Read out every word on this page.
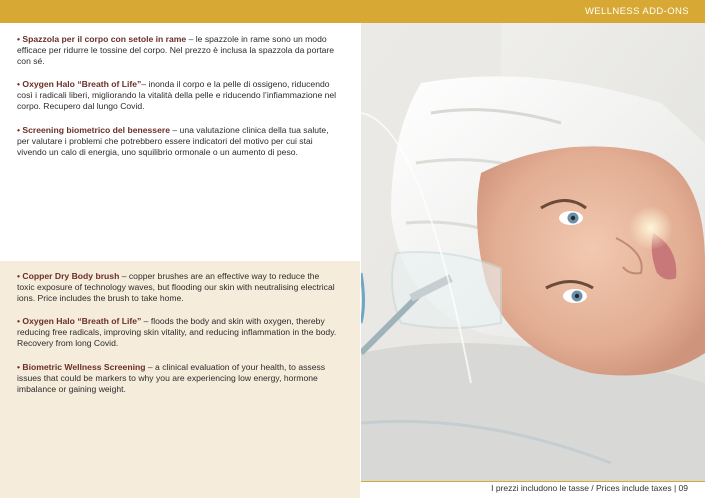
WELLNESS ADD-ONS

• Spazzola per il corpo con setole in rame – le spazzole in rame sono un modo efficace per ridurre le tossine del corpo. Nel prezzo è inclusa la spazzola da portare con sé.

• Oxygen Halo “Breath of Life”– inonda il corpo e la pelle di ossigeno, riducendo così i radicali liberi, migliorando la vitalità della pelle e riducendo l’infiammazione nel corpo. Recupero dal lungo Covid.

• Screening biometrico del benessere – una valutazione clinica della tua salute, per valutare i problemi che potrebbero essere indicatori del motivo per cui stai vivendo un calo di energia, uno squilibrio ormonale o un aumento di peso.

• Copper Dry Body brush – copper brushes are an effective way to reduce the toxic exposure of technology waves, but flooding our skin with neutralising electrical ions. Price includes the brush to take home.

• Oxygen Halo “Breath of Life” – floods the body and skin with oxygen, thereby reducing free radicals, improving skin vitality, and reducing inflammation in the body. Recovery from long Covid.

• Biometric Wellness Screening – a clinical evaluation of your health, to assess issues that could be markers to why you are experiencing low energy, hormone imbalance or gaining weight.

I prezzi includono le tasse / Prices include taxes | 09
